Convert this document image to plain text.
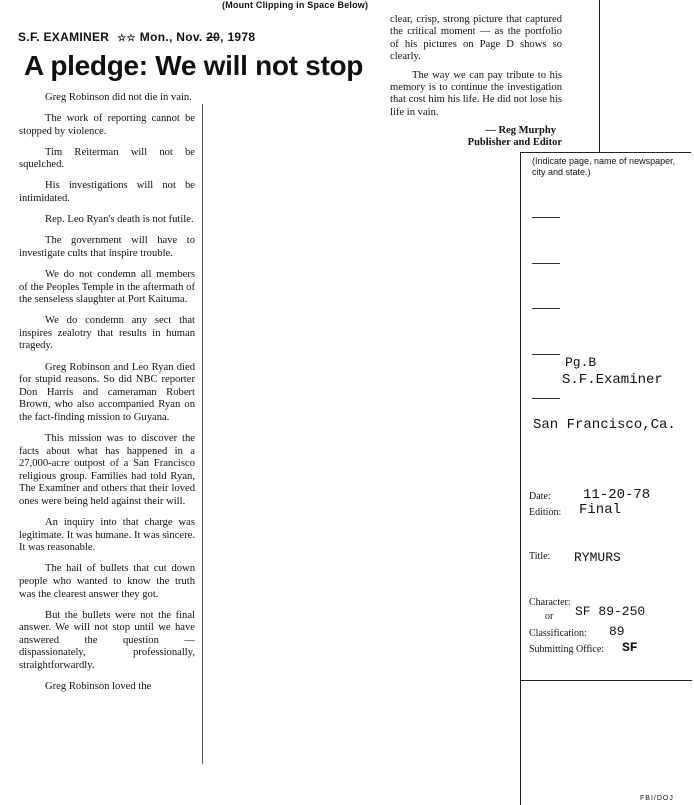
(Mount Clipping in Space Below)
S.F. EXAMINER ☆☆ Mon., Nov. 20, 1978
A pledge: We will not stop

Greg Robinson did not die in vain.

The work of reporting cannot be stopped by violence.

Tim Reiterman will not be squelched.

His investigations will not be intimidated.

Rep. Leo Ryan's death is not futile.

The government will have to investigate cults that inspire trouble.

We do not condemn all members of the Peoples Temple in the aftermath of the senseless slaughter at Port Kaituma.

We do condemn any sect that inspires zealotry that results in human tragedy.

Greg Robinson and Leo Ryan died for stupid reasons. So did NBC reporter Don Harris and cameraman Robert Brown, who also accompanied Ryan on the fact-finding mission to Guyana.

This mission was to discover the facts about what has happened in a 27,000-acre outpost of a San Francisco religious group. Families had told Ryan, The Examiner and others that their loved ones were being held against their will.

An inquiry into that charge was legitimate. It was humane. It was sincere. It was reasonable.

The hail of bullets that cut down people who wanted to know the truth was the clearest answer they got.

But the bullets were not the final answer. We will not stop until we have answered the question — dispassionately, professionally, straightforwardly.

Greg Robinson loved the

clear, crisp, strong picture that captured the critical moment — as the portfolio of his pictures on Page D shows so clearly.

The way we can pay tribute to his memory is to continue the investigation that cost him his life. He did not lose his life in vain.

— Reg Murphy
Publisher and Editor
(Indicate page, name of newspaper, city and state.)
Pg.B
S.F.Examiner
San Francisco,Ca.
Date: 11-20-78
Edition: Final
Title: RYMURS
Character:
or SF 89-250
Classification: 89
Submitting Office: SF
FBI/DOJ
